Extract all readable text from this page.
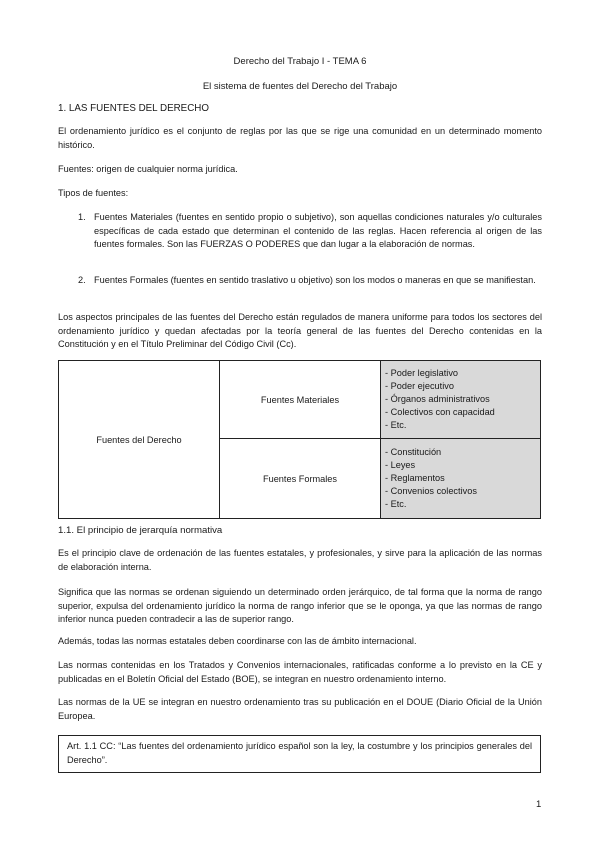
Derecho del Trabajo I - TEMA 6
El sistema de fuentes del Derecho del Trabajo
1. LAS FUENTES DEL DERECHO

El ordenamiento jurídico es el conjunto de reglas por las que se rige una comunidad en un determinado momento histórico.

Fuentes: origen de cualquier norma jurídica.

Tipos de fuentes:

1. Fuentes Materiales (fuentes en sentido propio o subjetivo), son aquellas condiciones naturales y/o culturales específicas de cada estado que determinan el contenido de las reglas. Hacen referencia al origen de las fuentes formales. Son las FUERZAS O PODERES que dan lugar a la elaboración de normas.
2. Fuentes Formales (fuentes en sentido traslativo u objetivo) son los modos o maneras en que se manifiestan.

Los aspectos principales de las fuentes del Derecho están regulados de manera uniforme para todos los sectores del ordenamiento jurídico y quedan afectadas por la teoría general de las fuentes del Derecho contenidas en la Constitución y en el Título Preliminar del Código Civil (Cc).

Fuentes del Derecho	Fuentes Materiales	- Poder legislativo
- Poder ejecutivo
- Órganos administrativos
- Colectivos con capacidad
- Etc.

	Fuentes Formales	- Constitución
- Leyes
- Reglamentos
- Convenios colectivos
- Etc.
1.1. El principio de jerarquía normativa

Es el principio clave de ordenación de las fuentes estatales, y profesionales, y sirve para la aplicación de las normas de elaboración interna.

Significa que las normas se ordenan siguiendo un determinado orden jerárquico, de tal forma que la norma de rango superior, expulsa del ordenamiento jurídico la norma de rango inferior que se le oponga, ya que las normas de rango inferior nunca pueden contradecir a las de superior rango.

Además, todas las normas estatales deben coordinarse con las de ámbito internacional.

Las normas contenidas en los Tratados y Convenios internacionales, ratificadas conforme a lo previsto en la CE y publicadas en el Boletín Oficial del Estado (BOE), se integran en nuestro ordenamiento interno.

Las normas de la UE se integran en nuestro ordenamiento tras su publicación en el DOUE (Diario Oficial de la Unión Europea.

Art. 1.1 CC: “Las fuentes del ordenamiento jurídico español son la ley, la costumbre y los principios generales del Derecho”.
1
